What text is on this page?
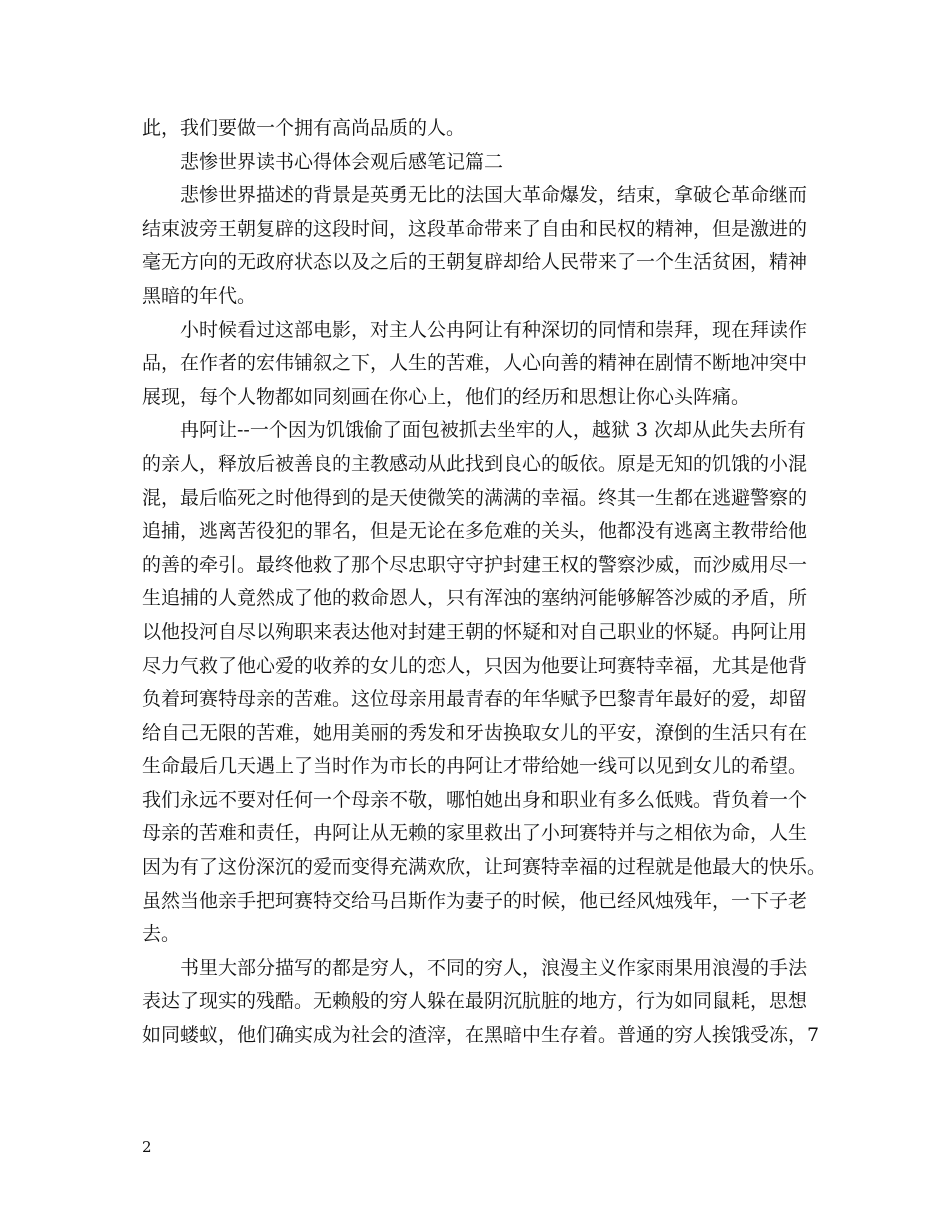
此，我们要做一个拥有高尚品质的人。
悲惨世界读书心得体会观后感笔记篇二
悲惨世界描述的背景是英勇无比的法国大革命爆发，结束，拿破仑革命继而
结束波旁王朝复辟的这段时间，这段革命带来了自由和民权的精神，但是激进的
毫无方向的无政府状态以及之后的王朝复辟却给人民带来了一个生活贫困，精神
黑暗的年代。
小时候看过这部电影，对主人公冉阿让有种深切的同情和崇拜，现在拜读作
品，在作者的宏伟铺叙之下，人生的苦难，人心向善的精神在剧情不断地冲突中
展现，每个人物都如同刻画在你心上，他们的经历和思想让你心头阵痛。
冉阿让--一个因为饥饿偷了面包被抓去坐牢的人，越狱 3 次却从此失去所有
的亲人，释放后被善良的主教感动从此找到良心的皈依。原是无知的饥饿的小混
混，最后临死之时他得到的是天使微笑的满满的幸福。终其一生都在逃避警察的
追捕，逃离苦役犯的罪名，但是无论在多危难的关头，他都没有逃离主教带给他
的善的牵引。最终他救了那个尽忠职守守护封建王权的警察沙威，而沙威用尽一
生追捕的人竟然成了他的救命恩人，只有浑浊的塞纳河能够解答沙威的矛盾，所
以他投河自尽以殉职来表达他对封建王朝的怀疑和对自己职业的怀疑。冉阿让用
尽力气救了他心爱的收养的女儿的恋人，只因为他要让珂赛特幸福，尤其是他背
负着珂赛特母亲的苦难。这位母亲用最青春的年华赋予巴黎青年最好的爱，却留
给自己无限的苦难，她用美丽的秀发和牙齿换取女儿的平安，潦倒的生活只有在
生命最后几天遇上了当时作为市长的冉阿让才带给她一线可以见到女儿的希望。
我们永远不要对任何一个母亲不敬，哪怕她出身和职业有多么低贱。背负着一个
母亲的苦难和责任，冉阿让从无赖的家里救出了小珂赛特并与之相依为命，人生
因为有了这份深沉的爱而变得充满欢欣，让珂赛特幸福的过程就是他最大的快乐。
虽然当他亲手把珂赛特交给马吕斯作为妻子的时候，他已经风烛残年，一下子老
去。
书里大部分描写的都是穷人，不同的穷人，浪漫主义作家雨果用浪漫的手法
表达了现实的残酷。无赖般的穷人躲在最阴沉肮脏的地方，行为如同鼠耗，思想
如同蝼蚁，他们确实成为社会的渣滓，在黑暗中生存着。普通的穷人挨饿受冻，7
2
